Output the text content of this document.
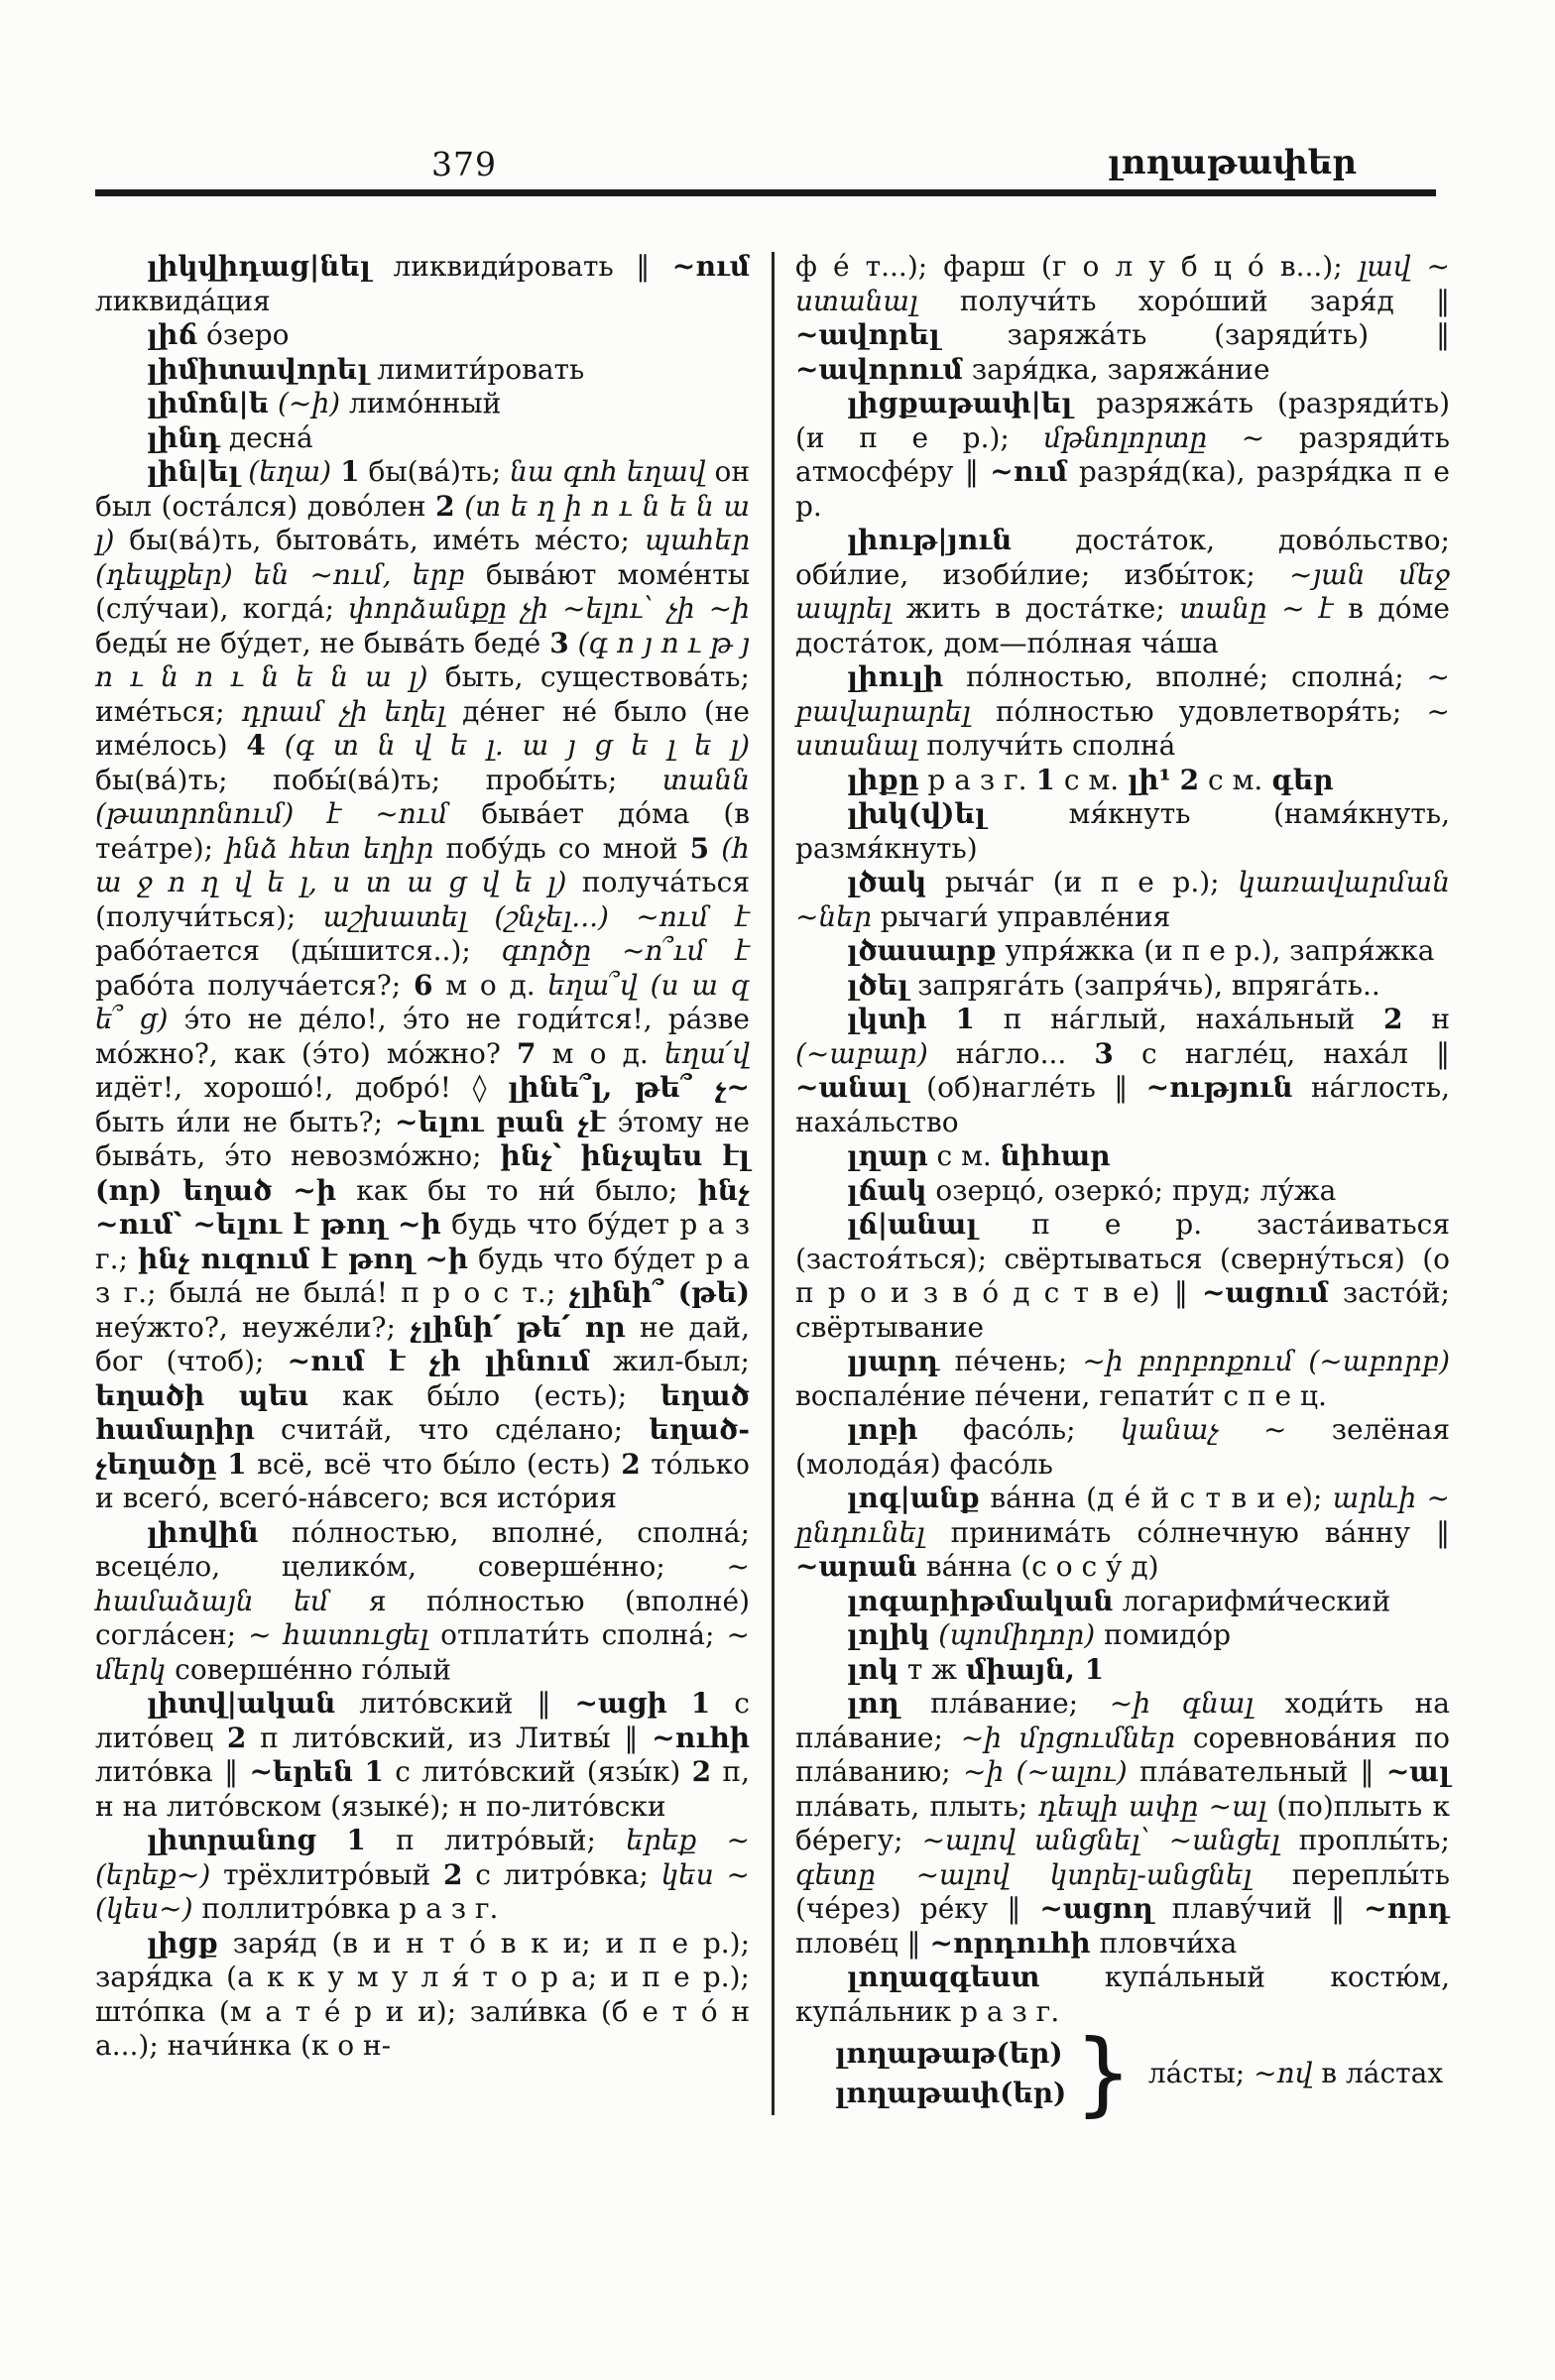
379	լողաթափեր

լիկվիդաց|նել ликвиди́ровать ‖ ~ում ликвида́ция

լիճ о́зеро

լիմիտավորել лимити́ровать

լիմոն|ե (~ի) лимо́нный

լինդ десна́

լին|ել (եղա) 1 бы(ва́)ть; նա գոհ եղավ он был (оста́лся) дово́лен 2 (տ ե ղ ի ո ւ ն ե ն ա լ) бы(ва́)ть, бытова́ть, име́ть ме́сто; պահեր (դեպքեր) են ~ում, երբ быва́ют моме́нты (слу́чаи), когда́; փորձանքը չի ~ելու՝ չի ~ի беды́ не бу́дет, не быва́ть беде́ 3 (գ ո յ ո ւ թ յ ո ւ ն ո ւ ն ե ն ա լ) быть, существова́ть; име́ться; դրամ չի եղել де́нег не́ было (не име́лось) 4 (գ տ ն վ ե լ. ա յ ց ե լ ե լ) бы(ва́)ть; побы́(ва́)ть; пробы́ть; տանն (թատրոնում) է ~ում быва́ет до́ма (в теа́тре); ինձ հետ եղիր побу́дь со мной 5 (հ ա ջ ո ղ վ ե լ, ս տ ա ց վ ե լ) получа́ться (получи́ться); աշխատել (շնչել...) ~ում է рабо́тается (ды́шится..); գործը ~ո՞ւմ է рабо́та получа́ется?; 6 м о д. եղա՞վ (ս ա զ ե՞ ց) э́то не де́ло!, э́то не годи́тся!, ра́зве мо́жно?, как (э́то) мо́жно? 7 м о д. եղա՛վ идёт!, хорошо́!, добро́! ◊ լինե՞լ, թե՞ չ~ быть и́ли не быть?; ~ելու բան չէ э́тому не быва́ть, э́то невозмо́жно; ինչ՝ ինչպես էլ (որ) եղած ~ի как бы то ни́ было; ինչ ~ում՝ ~ելու է թող ~ի будь что бу́дет р а з г.; ինչ ուզում է թող ~ի будь что бу́дет р а з г.; была́ не была́! п р о с т.; չլինի՞ (թե) неу́жто?, неуже́ли?; չլինի՛ թե՛ որ не дай, бог (чтоб); ~ում է չի լինում жил-был; եղածի պես как бы́ло (есть); եղած համարիր счита́й, что сде́лано; եղած-չեղածը 1 всё, всё что бы́ло (есть) 2 то́лько и всего́, всего́-на́всего; вся исто́рия

լիովին по́лностью, вполне́, сполна́; всеце́ло, целико́м, соверше́нно; ~ համաձայն եմ я по́лностью (вполне́) согла́сен; ~ հատուցել отплати́ть сполна́; ~ մերկ соверше́нно го́лый

լիտվ|ական лито́вский ‖ ~ացի 1 с лито́вец 2 п лито́вский, из Литвы́ ‖ ~ուհի лито́вка ‖ ~երեն 1 с лито́вский (язы́к) 2 п, н на лито́вском (языке́); н по-лито́вски

լիտրանոց 1 п литро́вый; երեք ~ (երեք~) трёхлитро́вый 2 с литро́вка; կես ~ (կես~) поллитро́вка р а з г.

լիցք заря́д (в и н т о́ в к и; и п е р.); заря́дка (а к к у м у л я́ т о р а; и п е р.); што́пка (м а т е́ р и и); зали́вка (б е т о́ н а...); начи́нка (к о н-

ф е́ т...); фарш (г о л у б ц о́ в...); լավ ~ ստանալ получи́ть хоро́ший заря́д ‖ ~ավորել заряжа́ть (заряди́ть) ‖ ~ավորում заря́дка, заряжа́ние

լիցքաթափ|ել разряжа́ть (разряди́ть) (и п е р.); մթնոլորտը ~ разряди́ть атмосфе́ру ‖ ~ում разря́д(ка), разря́дка п е р.

լիութ|յուն доста́ток, дово́льство; оби́лие, изоби́лие; избы́ток; ~յան մեջ ապրել жить в доста́тке; տանը ~ է в до́ме доста́ток, дом—по́лная ча́ша

լիուլի по́лностью, вполне́; сполна́; ~ բավարարել по́лностью удовлетворя́ть; ~ ստանալ получи́ть сполна́

լիքը р а з г. 1 с м. լի¹ 2 с м. գեր

լխկ(վ)ել мя́кнуть (намя́кнуть, размя́кнуть)

լծակ рыча́г (и п е р.); կառավարման ~ներ рычаги́ управле́ния

լծասարք упря́жка (и п е р.), запря́жка

լծել запряга́ть (запря́чь), впряга́ть..

լկտի 1 п на́глый, наха́льный 2 н (~աբար) на́гло... 3 с нагле́ц, наха́л ‖ ~անալ (об)нагле́ть ‖ ~ություն на́глость, наха́льство

լղար с м. նիհար

լճակ озерцо́, озерко́; пруд; лу́жа

լճ|անալ п е р. заста́иваться (застоя́ться); свёртываться (сверну́ться) (о п р о и з в о́ д с т в е) ‖ ~ացում засто́й; свёртывание

լյարդ пе́чень; ~ի բորբոքում (~աբորբ) воспале́ние пе́чени, гепати́т с п е ц.

լոբի фасо́ль; կանաչ ~ зелёная (молода́я) фасо́ль

լոգ|անք ва́нна (д е́ й с т в и е); արևի ~ ընդունել принима́ть со́лнечную ва́нну ‖ ~արան ва́нна (с о с у́ д)

լոգարիթմական логарифми́ческий

լոլիկ (պոմիդոր) помидо́р

լոկ т ж միայն, 1

լող пла́вание; ~ի գնալ ходи́ть на пла́вание; ~ի մրցումներ соревнова́ния по пла́ванию; ~ի (~ալու) пла́вательный ‖ ~ալ пла́вать, плыть; դեպի ափը ~ալ (по)плыть к бе́регу; ~ալով անցնել՝ ~անցել проплы́ть; գետը ~ալով կտրել-անցնել переплы́ть (че́рез) ре́ку ‖ ~ացող плаву́чий ‖ ~որդ плове́ц ‖ ~որդուհի пловчи́ха

լողազգեստ купа́льный костю́м, купа́льник р а з г.

լողաթաթ(եր)
լողաթափ(եր) } ла́сты; ~ով в ла́стах
